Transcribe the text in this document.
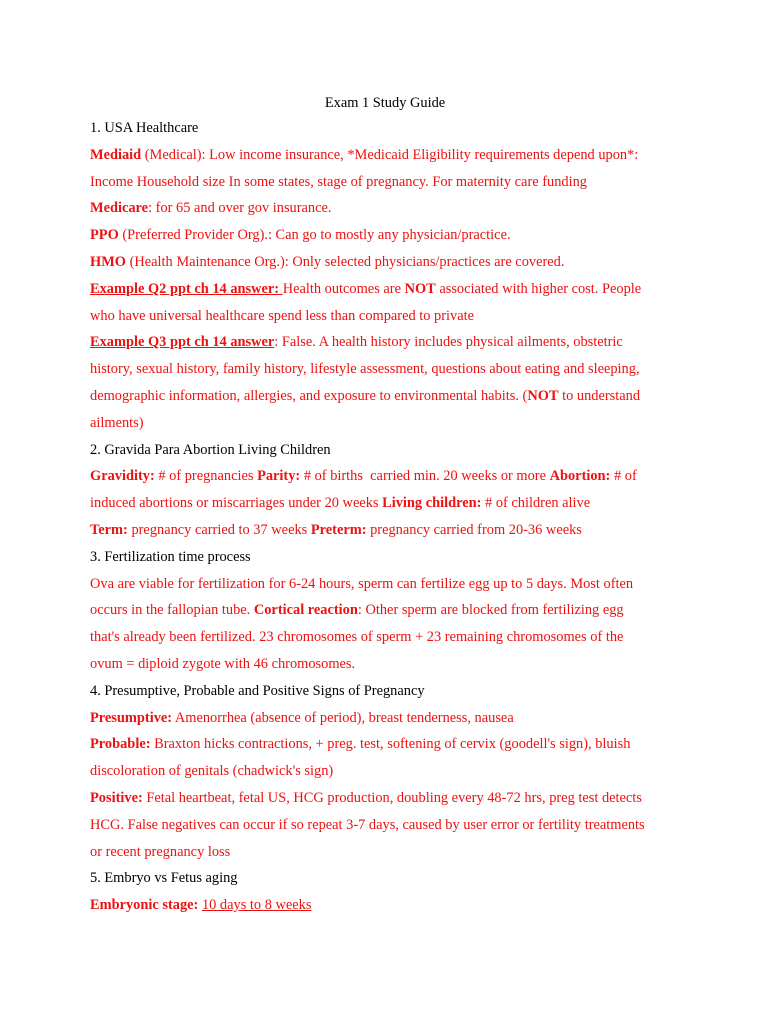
Exam 1 Study Guide
1. USA Healthcare
Mediaid (Medical): Low income insurance, *Medicaid Eligibility requirements depend upon*:
Income Household size In some states, stage of pregnancy. For maternity care funding
Medicare: for 65 and over gov insurance.
PPO (Preferred Provider Org).: Can go to mostly any physician/practice.
HMO (Health Maintenance Org.): Only selected physicians/practices are covered.
Example Q2 ppt ch 14 answer: Health outcomes are NOT associated with higher cost. People
who have universal healthcare spend less than compared to private
Example Q3 ppt ch 14 answer: False. A health history includes physical ailments, obstetric
history, sexual history, family history, lifestyle assessment, questions about eating and sleeping,
demographic information, allergies, and exposure to environmental habits. (NOT to understand
ailments)
2. Gravida Para Abortion Living Children
Gravidity: # of pregnancies Parity: # of births  carried min. 20 weeks or more Abortion: # of
induced abortions or miscarriages under 20 weeks Living children: # of children alive
Term: pregnancy carried to 37 weeks Preterm: pregnancy carried from 20-36 weeks
3. Fertilization time process
Ova are viable for fertilization for 6-24 hours, sperm can fertilize egg up to 5 days. Most often
occurs in the fallopian tube. Cortical reaction: Other sperm are blocked from fertilizing egg
that's already been fertilized. 23 chromosomes of sperm + 23 remaining chromosomes of the
ovum = diploid zygote with 46 chromosomes.
4. Presumptive, Probable and Positive Signs of Pregnancy
Presumptive: Amenorrhea (absence of period), breast tenderness, nausea
Probable: Braxton hicks contractions, + preg. test, softening of cervix (goodell's sign), bluish
discoloration of genitals (chadwick's sign)
Positive: Fetal heartbeat, fetal US, HCG production, doubling every 48-72 hrs, preg test detects
HCG. False negatives can occur if so repeat 3-7 days, caused by user error or fertility treatments
or recent pregnancy loss
5. Embryo vs Fetus aging
Embryonic stage: 10 days to 8 weeks
